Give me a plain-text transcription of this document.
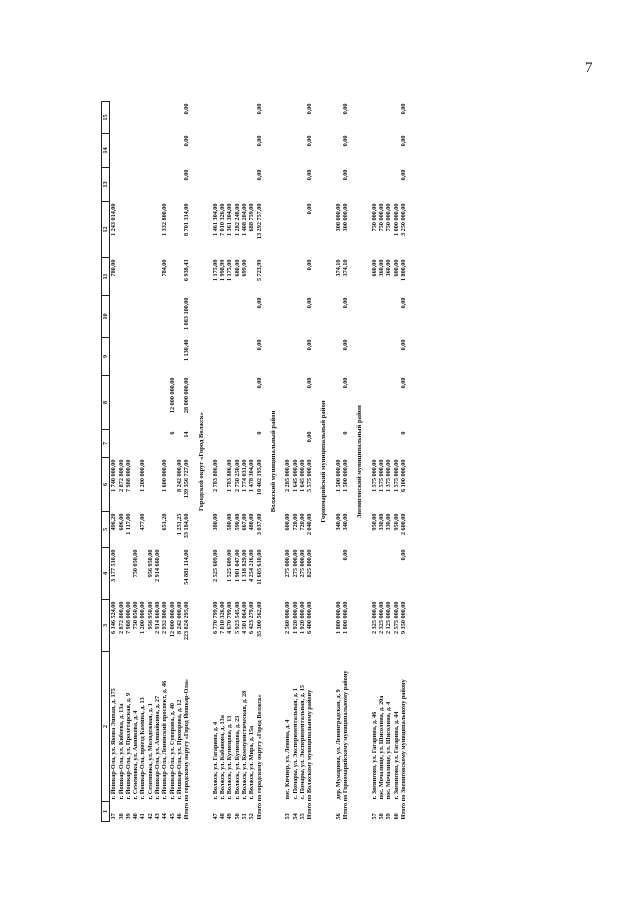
7
1	2	3	4	5	6	7	8	9	10	11	12	13	14	15
37	г. Йошкар-Ола, ул. Якова Эшпая, д. 175	6 146 524,00	3 177 510,00	496,20	1 740 000,00					780,00	1 243 014,00			
38	г. Йошкар-Ола, ул. Кибеева, д. 13а	2 872 800,00		606,00	2 872 800,00									
39	г. Йошкар-Ола, ул. Пролетарская, д. 9	7 988 000,00		1 117,00	7 988 000,00									
40	г. Семеновка, ул. Анникова, д. 4	750 050,00	750 050,00											
41	г. Йошкар-Ола, проезд Камина, д. 13	1 200 000,00		477,00	1 200 000,00									
42	г. Семеновка, ул. Молодежная, д. 1	956 950,00	956 950,00											
43	г. Йошкар-Ола, ул. Апшайкина, д. 27	2 914 660,00	2 914 660,00											
44	г. Йошкар-Ола, Ленинский проспект, д. 46	2 932 800,00		651,20	1 600 000,00					784,00	1 332 800,00			
45	г. Йошкар-Ола, ул. Суворова, д. 40	12 000 000,00				6	12 000 000,00							
46	г. Йошкар-Ола, ул. Прохорова, д. 12	8 242 000,00		1 251,25	8 242 000,00									
Итого по городскому округу «Город Йошкар-Ола»		223 824 295,00	54 881 114,00	33 184,60	139 356 727,00	14	28 000 000,00	1 130,40	1 083 100,00	6 938,43	8 701 314,00	0,00	0,00	0,00
Городской округ «Город Волжск»														
47	г. Волжск, ул. Гагарина, д. 4	6 770 799,00	2 525 609,00	380,00	2 783 886,00					1 175,00	1 461 304,00			
48	г. Волжск, ул. Кабанова, д. 13а	7 010 326,00								1 998,99	7 010 326,00			
49	г. Волжск, ул. Кузнецова, д. 13	4 670 799,00	1 525 609,00	580,00	1 783 886,00					1 175,00	1 361 304,00			
50	г. Волжск, ул. Кузнецова, д. 23	5 923 545,00	1 901 047,00	590,00	2 750 250,00					680,00	1 282 248,00			
51	г. Волжск, ул. Коммунистическая, д. 28	4 501 064,00	1 318 829,00	667,00	1 774 031,00					699,00	1 408 204,00			
52	г. Волжск, ул. Мира, д. 15а	6 423 279,00	4 254 216,00	480,00	1 478 304,00						688 759,00			
Итого по городскому округу «Город Волжск»		35 300 562,00	11 605 610,00	3 037,00	10 402 195,00	0	0,00	0,00	0,00	5 723,99	13 292 757,00	0,00	0,00	0,00
Волжский муниципальный район														
53	пос. Кичиер, ул. Ленина, д. 4	2 560 000,00	275 000,00	600,00	2 285 000,00									
54	с. Помары, ул. Экспериментальная, д. 1	1 920 000,00	275 000,00	720,00	1 645 000,00									
55	с. Помары, ул. Экспериментальная, д. 15	1 920 000,00	275 000,00	720,00	1 645 000,00									
Итого по Волжскому муниципальному району		6 400 000,00	825 000,00	2 040,00	5 575 000,00	0,00	0,00	0,00	0,00	0,00	0,00	0,00	0,00	0,00
Горномарийский муниципальный район														
56	дер. Мумарина, ул. Ленинградская, д. 9	1 800 000,00		340,00	1 500 000,00					374,10	300 000,00			
Итого по Горномарийскому муниципальному району		1 800 000,00	0,00	340,00	1 500 000,00	0	0,00	0,00	0,00	374,10	300 000,00	0,00	0,00	0,00
Звениговский муниципальный район														
57	г. Звенигово, ул. Гагарина, д. 46	2 325 000,00		950,00	1 575 000,00					660,00	750 000,00			
58	пос. Мочалище, ул. Шисолина, д. 20а	2 325 000,00		330,00	1 575 000,00					360,00	750 000,00			
59	пос. Мочалище, ул. Шисолина, д. 4	2 125 000,00		330,00	1 375 000,00					360,00	750 000,00			
60	г. Звенигово, ул. Гагарина, д. 44	2 575 000,00		950,00	1 575 000,00					600,00	1 000 000,00			
Итого по Звениговскому муниципальному району		9 350 000,00	0,00	2 600,00	6 100 000,00	0	0,00	0,00	0,00	1 800,00	3 250 000,00	0,00	0,00	0,00
